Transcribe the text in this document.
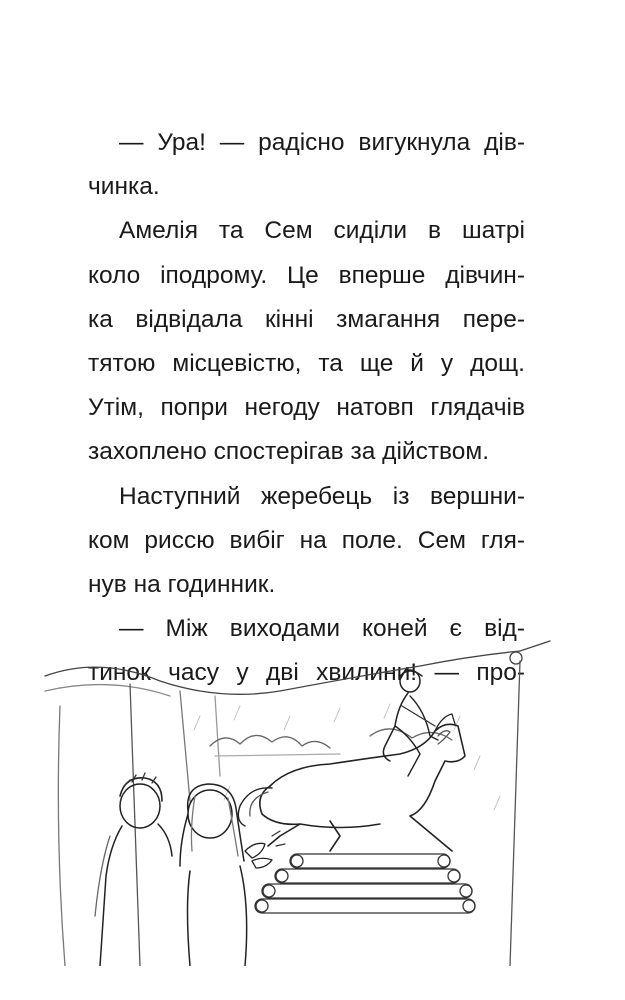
— Ура! — радісно вигукнула дів-
чинка.
Амелія та Сем сиділи в шатрі
коло іподрому. Це вперше дівчин-
ка відвідала кінні змагання пере-
тятою місцевістю, та ще й у дощ.
Утім, попри негоду натовп глядачів
захоплено спостерігав за дійством.
Наступний жеребець із вершни-
ком риссю вибіг на поле. Сем гля-
нув на годинник.
— Між виходами коней є від-
тинок часу у дві хвилини! — про-
